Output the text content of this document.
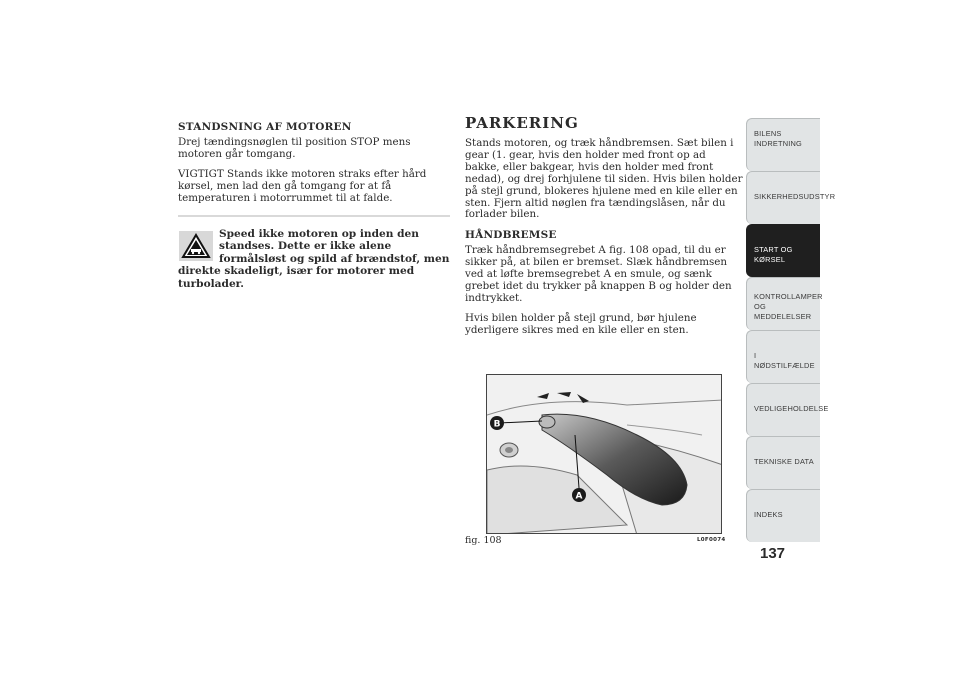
STANDSNING AF MOTOREN

Drej tændingsnøglen til position STOP mens motoren går tomgang.

VIGTIGT Stands ikke motoren straks efter hård kørsel, men lad den gå tomgang for at få temperaturen i motorrummet til at falde.

Speed ikke motoren op inden den
standses. Dette er ikke alene
formålsløst og spild af brændstof, men
direkte skadeligt, især for motorer med
turbolader.
PARKERING

Stands motoren, og træk håndbremsen. Sæt bilen i gear (1. gear, hvis den holder med front op ad bakke, eller bakgear, hvis den holder med front nedad), og drej forhjulene til siden. Hvis bilen holder på stejl grund, blokeres hjulene med en kile eller en sten. Fjern altid nøglen fra tændingslåsen, når du forlader bilen.

HÅNDBREMSE

Træk håndbremsegrebet A fig. 108 opad, til du er sikker på, at bilen er bremset. Slæk håndbremsen ved at løfte bremsegrebet A en smule, og sænk grebet idet du trykker på knappen B og holder den indtrykket.

Hvis bilen holder på stejl grund, bør hjulene yderligere sikres med en kile eller en sten.

B
A
fig. 108	L0F0074
BILENS
INDRETNING
SIKKERHEDSUDSTYR
START OG KØRSEL
KONTROLLAMPER
OG MEDDELELSER
I NØDSTILFÆLDE
VEDLIGEHOLDELSE
TEKNISKE DATA
INDEKS
137
